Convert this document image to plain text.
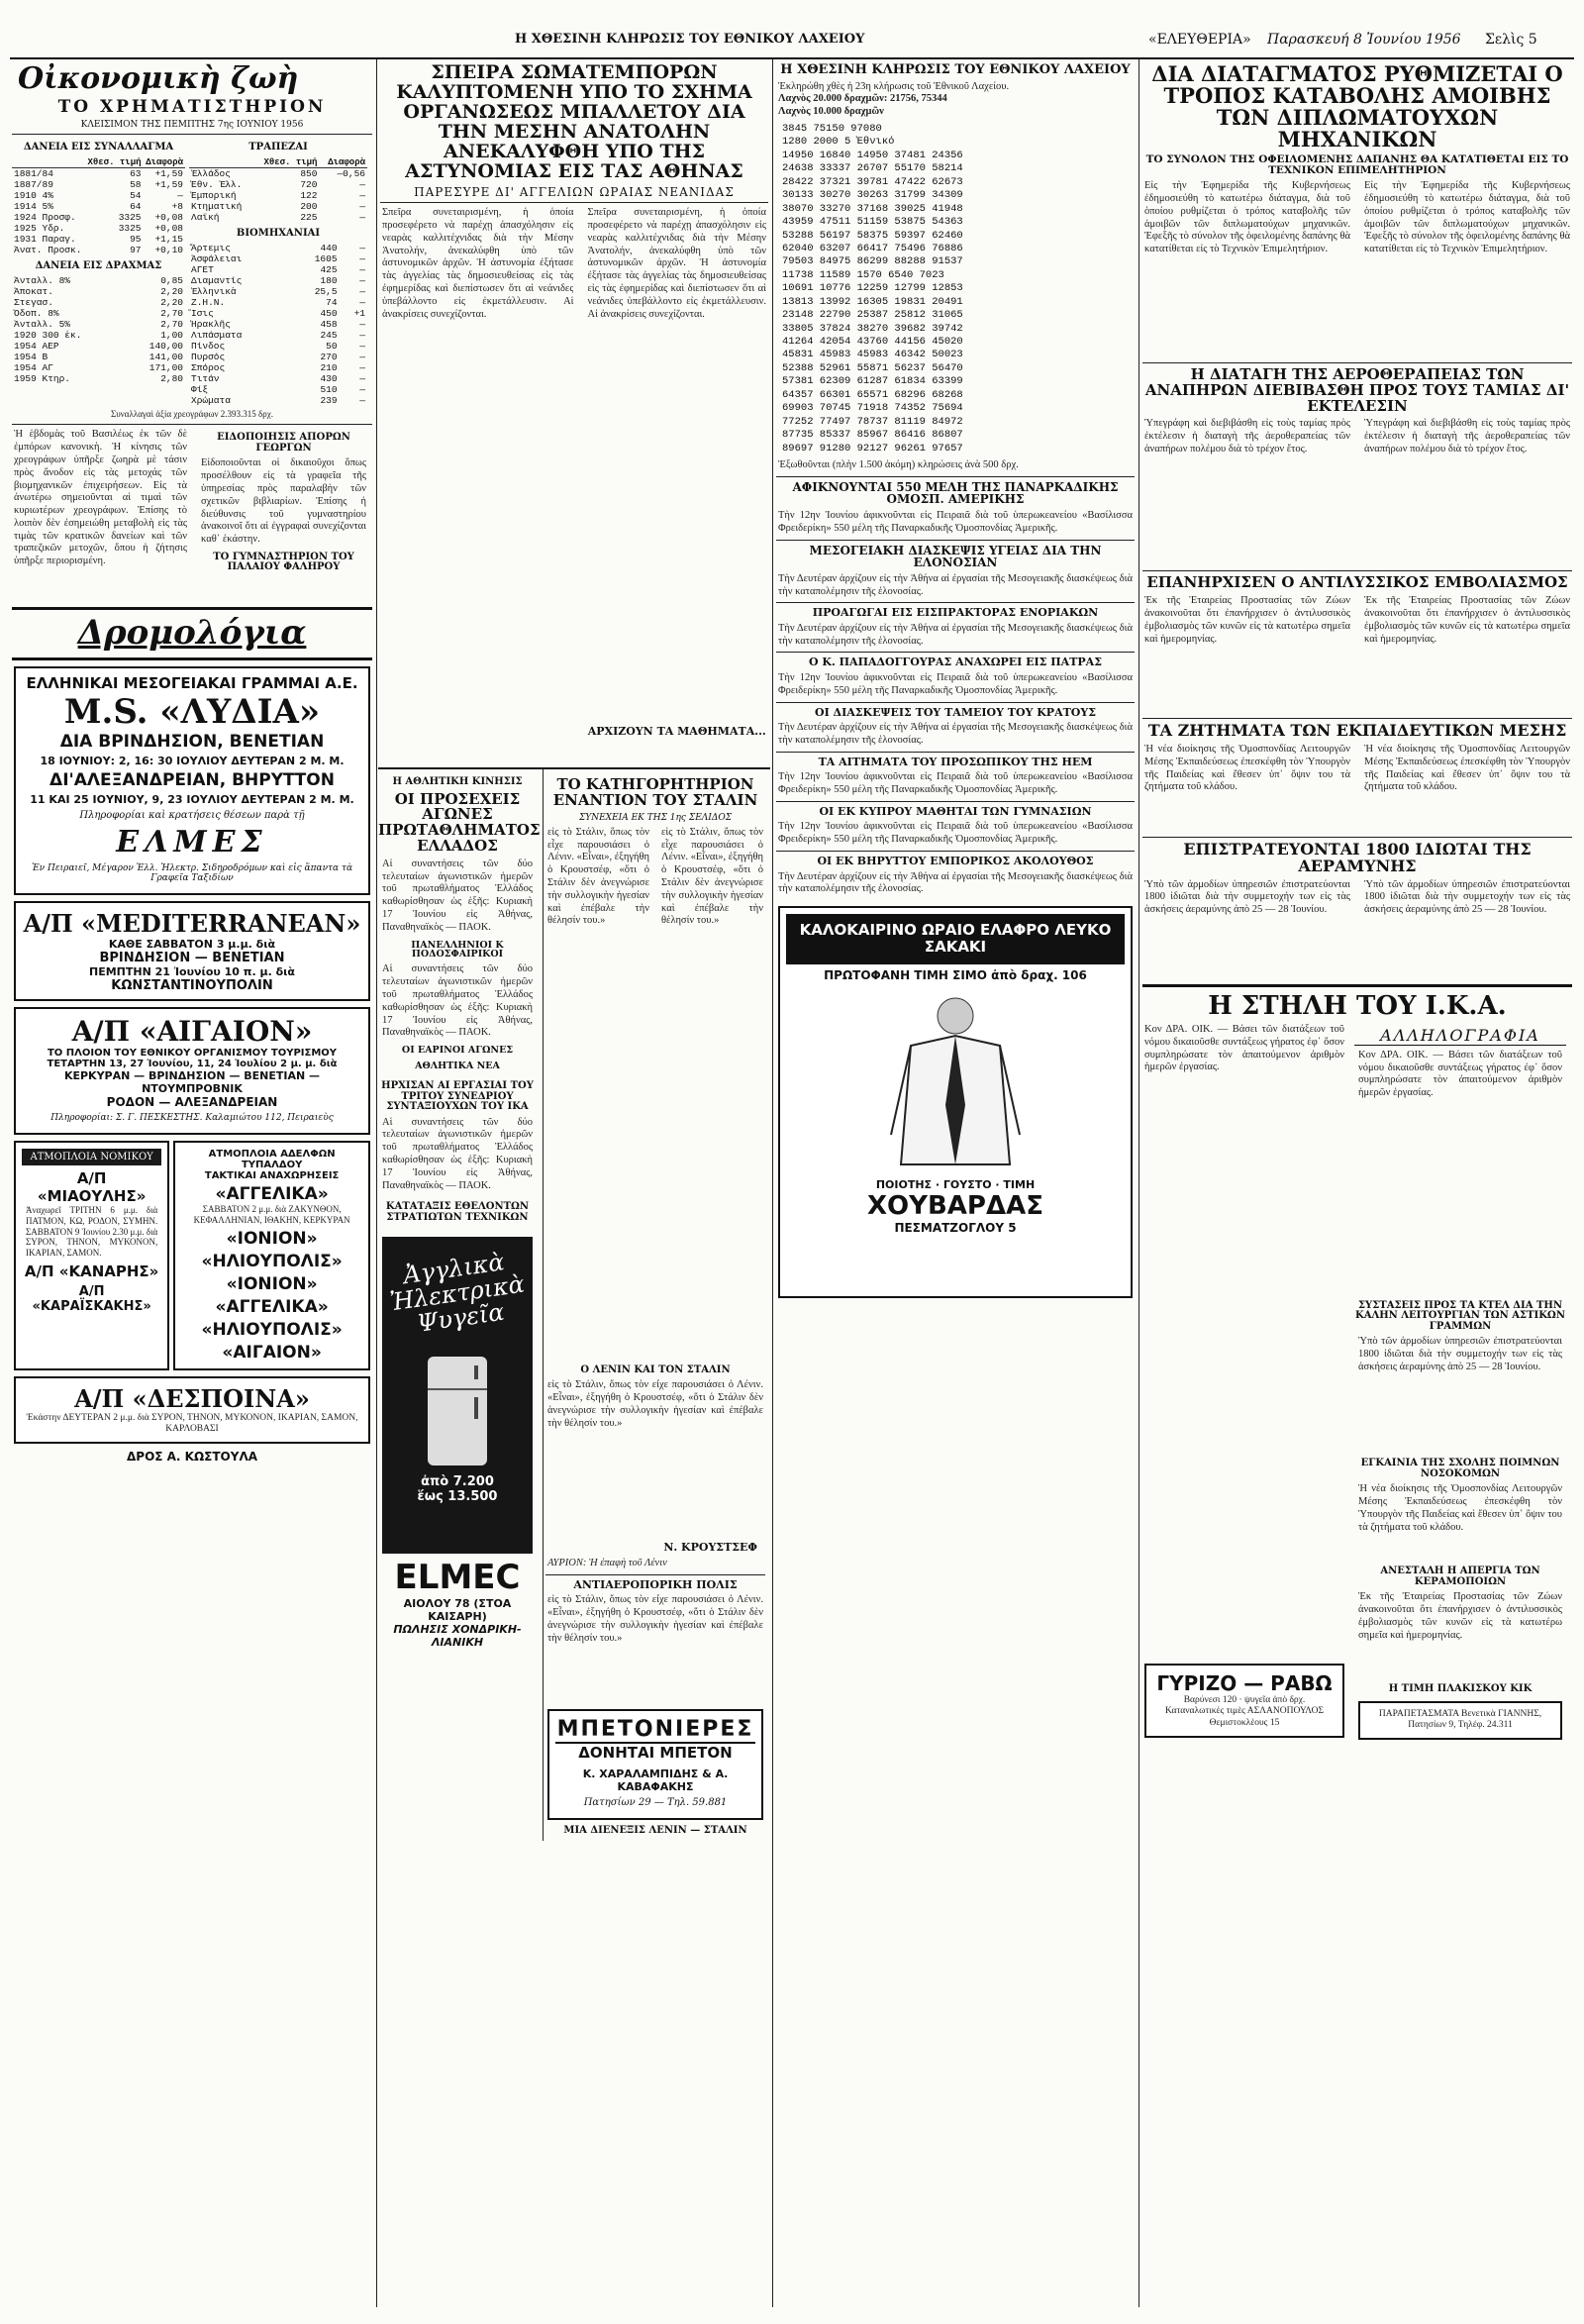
Η ΧΘΕΣΙΝΗ ΚΛΗΡΩΣΙΣ ΤΟΥ ΕΘΝΙΚΟΥ ΛΑΧΕΙΟΥ	«ΕΛΕΥΘΕΡΙΑ» Παρασκευή 8 Ἰουνίου 1956 Σελὶς 5
Οἰκονομικὴ ζωὴ
ΤΟ ΧΡΗΜΑΤΙΣΤΗΡΙΟΝ
ΚΛΕΙΣΙΜΟΝ ΤΗΣ ΠΕΜΠΤΗΣ 7ης ΙΟΥΝΙΟΥ 1956
ΔΑΝΕΙΑ ΕΙΣ ΣΥΝΑΛΛΑΓΜΑ
	Χθεσ. τιμή	Διαφορὰ
1881/84	63	+1,59
1887/89	58	+1,59
1910 4%	54	—
1914 5%	64	+8
1924 Προσφ.	3325	+0,08
1925 Υδρ.	3325	+0,08
1931 Παραγ.	95	+1,15
Ἀνατ. Προσκ.	97	+0,10
ΔΑΝΕΙΑ ΕΙΣ ΔΡΑΧΜΑΣ
Ἀνταλλ. 8%	0,85
Ἀποκατ.	2,20
Στεγασ.	2,20
Ὁδοπ. 8%	2,70
Ἀνταλλ. 5%	2,70
1920 300 ἑκ.	1,00
1954 ΑΕΡ	140,00
1954 Β	141,00
1954 ΑΓ	171,00
1959 Κτηρ.	2,80
ΤΡΑΠΕΖΑΙ
	Χθεσ. τιμή	Διαφορὰ
Ἑλλάδος	850	—0,56
Ἐθν. Ἑλλ.	720	—
Ἐμπορική	122	—
Κτηματική	200	—
Λαϊκή	225	—
ΒΙΟΜΗΧΑΝΙΑΙ
Ἄρτεμις	440	—
Ἀσφάλειαι	1605	—
ΑΓΕΤ	425	—
Διαμαντίς	180	—
Ἑλληνικὰ	25,5	—
Ζ.Η.Ν.	74	—
Ἴσις	450	+1
Ἡρακλῆς	458	—
Λιπάσματα	245	—
Πίνδος	50	—
Πυρσός	270	—
Σπόρος	210	—
Τιτάν	430	—
Φίξ	510	—
Χρώματα	239	—
Συναλλαγαὶ ἀξία χρεογράφων 2.393.315 δρχ.
Ἡ ἑβδομὰς τοῦ Βασιλέως ἐκ τῶν δὲ ἐμπόρων κανονικὴ. Ἡ κίνησις τῶν χρεογράφων ὑπῆρξε ζωηρὰ μὲ τάσιν πρὸς ἄνοδον εἰς τὰς μετοχάς τῶν βιομηχανικῶν ἐπιχειρήσεων. Εἰς τὰ ἀνωτέρω σημειοῦνται αἱ τιμαὶ τῶν κυριωτέρων χρεογράφων. Ἐπίσης τὸ λοιπὸν δὲν ἐσημειώθη μεταβολὴ εἰς τὰς τιμὰς τῶν κρατικῶν δανείων καὶ τῶν τραπεζικῶν μετοχῶν, ὅπου ἡ ζήτησις ὑπῆρξε περιορισμένη.
ΕΙΔΟΠΟΙΗΣΙΣ ΑΠΟΡΩΝ ΓΕΩΡΓΩΝ
Εἰδοποιοῦνται οἱ δικαιοῦχοι ὅπως προσέλθουν εἰς τὰ γραφεῖα τῆς ὑπηρεσίας πρὸς παραλαβὴν τῶν σχετικῶν βιβλιαρίων. Ἐπίσης ἡ διεύθυνσις τοῦ γυμναστηρίου ἀνακοινοῖ ὅτι αἱ ἐγγραφαὶ συνεχίζονται καθ᾽ ἑκάστην.
ΤΟ ΓΥΜΝΑΣΤΗΡΙΟΝ ΤΟΥ ΠΑΛΑΙΟΥ ΦΑΛΗΡΟΥ
Δρομολόγια
ΕΛΛΗΝΙΚΑΙ ΜΕΣΟΓΕΙΑΚΑΙ ΓΡΑΜΜΑΙ Α.Ε.
M.S. «ΛΥΔΙΑ»
ΔΙΑ ΒΡΙΝΔΗΣΙΟΝ, ΒΕΝΕΤΙΑΝ
18 ΙΟΥΝΙΟΥ: 2, 16: 30 ΙΟΥΛΙΟΥ ΔΕΥΤΕΡΑΝ 2 Μ. Μ.
ΔΙ'ΑΛΕΞΑΝΔΡΕΙΑΝ, ΒΗΡΥΤΤΟΝ
11 ΚΑΙ 25 ΙΟΥΝΙΟΥ, 9, 23 ΙΟΥΛΙΟΥ ΔΕΥΤΕΡΑΝ 2 Μ. Μ.
Πληροφορίαι καὶ κρατήσεις θέσεων παρὰ τῇ
ΕΛΜΕΣ
Ἐν Πειραιεῖ, Μέγαρον Ἑλλ. Ἠλεκτρ. Σιδηροδρόμων καὶ εἰς ἅπαντα τὰ Γραφεῖα Ταξιδίων
Α/Π «MEDITERRANEAN»
ΚΑΘΕ ΣΑΒΒΑΤΟΝ 3 μ.μ. διὰ
ΒΡΙΝΔΗΣΙΟΝ — ΒΕΝΕΤΙΑΝ
ΠΕΜΠΤΗΝ 21 Ἰουνίου 10 π. μ. διὰ
ΚΩΝΣΤΑΝΤΙΝΟΥΠΟΛΙΝ
Α/Π «ΑΙΓΑΙΟΝ»
ΤΟ ΠΛΟΙΟΝ ΤΟΥ ΕΘΝΙΚΟΥ ΟΡΓΑΝΙΣΜΟΥ ΤΟΥΡΙΣΜΟΥ
ΤΕΤΑΡΤΗΝ 13, 27 Ἰουνίου, 11, 24 Ἰουλίου 2 μ. μ. διὰ
ΚΕΡΚΥΡΑΝ — ΒΡΙΝΔΗΣΙΟΝ — ΒΕΝΕΤΙΑΝ — ΝΤΟΥΜΠΡΟΒΝΙΚ
ΡΟΔΟΝ — ΑΛΕΞΑΝΔΡΕΙΑΝ
Πληροφορίαι: Σ. Γ. ΠΕΣΚΕΣΤΗΣ. Καλαμιώτου 112, Πειραιεὺς
ΑΤΜΟΠΛΟΙΑ ΝΟΜΙΚΟΥ
Α/Π «ΜΙΑΟΥΛΗΣ»
Ἀναχωρεῖ ΤΡΙΤΗΝ 6 μ.μ. διὰ ΠΑΤΜΟΝ, ΚΩ, ΡΟΔΟΝ, ΣΥΜΗΝ. ΣΑΒΒΑΤΟΝ 9 Ἰουνίου 2.30 μ.μ. διὰ ΣΥΡΟΝ, ΤΗΝΟΝ, ΜΥΚΟΝΟΝ, ΙΚΑΡΙΑΝ, ΣΑΜΟΝ.
Α/Π «ΚΑΝΑΡΗΣ»
Α/Π «ΚΑΡΑΪΣΚΑΚΗΣ»
ΑΤΜΟΠΛΟΙΑ ΑΔΕΛΦΩΝ ΤΥΠΑΛΔΟΥ
ΤΑΚΤΙΚΑΙ ΑΝΑΧΩΡΗΣΕΙΣ
«ΑΓΓΕΛΙΚΑ»
ΣΑΒΒΑΤΟΝ 2 μ.μ. διὰ ΖΑΚΥΝΘΟΝ, ΚΕΦΑΛΛΗΝΙΑΝ, ΙΘΑΚΗΝ, ΚΕΡΚΥΡΑΝ
«ΙΟΝΙΟΝ»
«ΗΛΙΟΥΠΟΛΙΣ»
«ΙΟΝΙΟΝ»
«ΑΓΓΕΛΙΚΑ»
«ΗΛΙΟΥΠΟΛΙΣ»
«ΑΙΓΑΙΟΝ»
Α/Π «ΔΕΣΠΟΙΝΑ»
Ἐκάστην ΔΕΥΤΕΡΑΝ 2 μ.μ. διὰ ΣΥΡΟΝ, ΤΗΝΟΝ, ΜΥΚΟΝΟΝ, ΙΚΑΡΙΑΝ, ΣΑΜΟΝ, ΚΑΡΛΟΒΑΣΙ
ΔΡΟΣ Α. ΚΩΣΤΟΥΛΑ
ΣΠΕΙΡΑ ΣΩΜΑΤΕΜΠΟΡΩΝ ΚΑΛΥΠΤΟΜΕΝΗ ΥΠΟ ΤΟ ΣΧΗΜΑ ΟΡΓΑΝΩΣΕΩΣ ΜΠΑΛΛΕΤΟΥ ΔΙΑ ΤΗΝ ΜΕΣΗΝ ΑΝΑΤΟΛΗΝ ΑΝΕΚΑΛΥΦΘΗ ΥΠΟ ΤΗΣ ΑΣΤΥΝΟΜΙΑΣ ΕΙΣ ΤΑΣ ΑΘΗΝΑΣ
ΠΑΡΕΣΥΡΕ ΔΙ' ΑΓΓΕΛΙΩΝ ΩΡΑΙΑΣ ΝΕΑΝΙΔΑΣ
Σπεῖρα συνεταιρισμένη, ἡ ὁποία προσεφέρετο νὰ παρέχῃ ἀπασχόλησιν εἰς νεαρὰς καλλιτέχνιδας διὰ τὴν Μέσην Ἀνατολήν, ἀνεκαλύφθη ὑπὸ τῶν ἀστυνομικῶν ἀρχῶν. Ἡ ἀστυνομία ἐξήτασε τὰς ἀγγελίας τὰς δημοσιευθείσας εἰς τὰς ἐφημερίδας καὶ διεπίστωσεν ὅτι αἱ νεάνιδες ὑπεβάλλοντο εἰς ἐκμετάλλευσιν. Αἱ ἀνακρίσεις συνεχίζονται.
Σπεῖρα συνεταιρισμένη, ἡ ὁποία προσεφέρετο νὰ παρέχῃ ἀπασχόλησιν εἰς νεαρὰς καλλιτέχνιδας διὰ τὴν Μέσην Ἀνατολήν, ἀνεκαλύφθη ὑπὸ τῶν ἀστυνομικῶν ἀρχῶν. Ἡ ἀστυνομία ἐξήτασε τὰς ἀγγελίας τὰς δημοσιευθείσας εἰς τὰς ἐφημερίδας καὶ διεπίστωσεν ὅτι αἱ νεάνιδες ὑπεβάλλοντο εἰς ἐκμετάλλευσιν. Αἱ ἀνακρίσεις συνεχίζονται.
ΑΡΧΙΖΟΥΝ ΤΑ ΜΑΘΗΜΑΤΑ...
Η ΑΘΛΗΤΙΚΗ ΚΙΝΗΣΙΣ
ΟΙ ΠΡΟΣΕΧΕΙΣ ΑΓΩΝΕΣ ΠΡΩΤΑΘΛΗΜΑΤΟΣ ΕΛΛΑΔΟΣ
Αἱ συναντήσεις τῶν δύο τελευταίων ἀγωνιστικῶν ἡμερῶν τοῦ πρωταθλήματος Ἑλλάδος καθωρίσθησαν ὡς ἑξῆς: Κυριακὴ 17 Ἰουνίου εἰς Ἀθήνας, Παναθηναϊκὸς — ΠΑΟΚ.
ΠΑΝΕΛΛΗΝΙΟΙ Κ ΠΟΔΟΣΦΑΙΡΙΚΟΙ
Αἱ συναντήσεις τῶν δύο τελευταίων ἀγωνιστικῶν ἡμερῶν τοῦ πρωταθλήματος Ἑλλάδος καθωρίσθησαν ὡς ἑξῆς: Κυριακὴ 17 Ἰουνίου εἰς Ἀθήνας, Παναθηναϊκὸς — ΠΑΟΚ.
ΟΙ ΕΑΡΙΝΟΙ ΑΓΩΝΕΣ
ΑΘΛΗΤΙΚΑ ΝΕΑ
ΗΡΧΙΣΑΝ ΑΙ ΕΡΓΑΣΙΑΙ ΤΟΥ ΤΡΙΤΟΥ ΣΥΝΕΔΡΙΟΥ ΣΥΝΤΑΞΙΟΥΧΩΝ ΤΟΥ ΙΚΑ
Αἱ συναντήσεις τῶν δύο τελευταίων ἀγωνιστικῶν ἡμερῶν τοῦ πρωταθλήματος Ἑλλάδος καθωρίσθησαν ὡς ἑξῆς: Κυριακὴ 17 Ἰουνίου εἰς Ἀθήνας, Παναθηναϊκὸς — ΠΑΟΚ.
ΚΑΤΑΤΑΞΙΣ ΕΘΕΛΟΝΤΩΝ ΣΤΡΑΤΙΩΤΩΝ ΤΕΧΝΙΚΩΝ
Ἀγγλικὰ Ἠλεκτρικὰ Ψυγεῖα
ἀπὸ 7.200
ἕως 13.500
ELMEC
ΑΙΟΛΟΥ 78 (ΣΤΟΑ ΚΑΙΣΑΡΗ)
ΠΩΛΗΣΙΣ ΧΟΝΔΡΙΚΗ-ΛΙΑΝΙΚΗ
ΤΟ ΚΑΤΗΓΟΡΗΤΗΡΙΟΝ ΕΝΑΝΤΙΟΝ ΤΟΥ ΣΤΑΛΙΝ
ΣΥΝΕΧΕΙΑ ΕΚ ΤΗΣ 1ης ΣΕΛΙΔΟΣ
εἰς τὸ Στάλιν, ὅπως τὸν εἶχε παρουσιάσει ὁ Λένιν. «Εἶναι», ἐξηγήθη ὁ Κρουστσέφ, «ὅτι ὁ Στάλιν δὲν ἀνεγνώρισε τὴν συλλογικὴν ἡγεσίαν καὶ ἐπέβαλε τὴν θέλησίν του.»
εἰς τὸ Στάλιν, ὅπως τὸν εἶχε παρουσιάσει ὁ Λένιν. «Εἶναι», ἐξηγήθη ὁ Κρουστσέφ, «ὅτι ὁ Στάλιν δὲν ἀνεγνώρισε τὴν συλλογικὴν ἡγεσίαν καὶ ἐπέβαλε τὴν θέλησίν του.»
Ο ΛΕΝΙΝ ΚΑΙ ΤΟΝ ΣΤΑΛΙΝ
εἰς τὸ Στάλιν, ὅπως τὸν εἶχε παρουσιάσει ὁ Λένιν. «Εἶναι», ἐξηγήθη ὁ Κρουστσέφ, «ὅτι ὁ Στάλιν δὲν ἀνεγνώρισε τὴν συλλογικὴν ἡγεσίαν καὶ ἐπέβαλε τὴν θέλησίν του.»
Ν. ΚΡΟΥΣΤΣΕΦ
ΑΥΡΙΟΝ: Ἡ ἐπαφὴ τοῦ Λένιν
ΑΝΤΙΑΕΡΟΠΟΡΙΚΗ ΠΟΛΙΣ
εἰς τὸ Στάλιν, ὅπως τὸν εἶχε παρουσιάσει ὁ Λένιν. «Εἶναι», ἐξηγήθη ὁ Κρουστσέφ, «ὅτι ὁ Στάλιν δὲν ἀνεγνώρισε τὴν συλλογικὴν ἡγεσίαν καὶ ἐπέβαλε τὴν θέλησίν του.»
ΜΠΕΤΟΝΙΕΡΕΣ
ΔΟΝΗΤΑΙ ΜΠΕΤΟΝ
Κ. ΧΑΡΑΛΑΜΠΙΔΗΣ & Α. ΚΑΒΑΦΑΚΗΣ
Πατησίων 29 — Τηλ. 59.881
ΜΙΑ ΔΙΕΝΕΞΙΣ ΛΕΝΙΝ — ΣΤΑΛΙΝ
Η ΧΘΕΣΙΝΗ ΚΛΗΡΩΣΙΣ ΤΟΥ ΕΘΝΙΚΟΥ ΛΑΧΕΙΟΥ
Ἐκληρώθη χθὲς ἡ 23η κλήρωσις τοῦ Ἐθνικοῦ Λαχείου.
Λαχνὸς 20.000 δραχμῶν: 21756, 75344
Λαχνὸς 10.000 δραχμῶν
3845 75150 97080
1280 2000 5 Ἐθνικό
14950 16840 14950 37481 24356
24638 33337 26707 55170 58214
28422 37321 39781 47422 62673
30133 30270 30263 31799 34309
38070 33270 37168 39025 41948
43959 47511 51159 53875 54363
53288 56197 58375 59397 62460
62040 63207 66417 75496 76886
79503 84975 86299 88288 91537
11738 11589 1570 6540 7023
10691 10776 12259 12799 12853
13813 13992 16305 19831 20491
23148 22790 25387 25812 31065
33805 37824 38270 39682 39742
41264 42054 43760 44156 45020
45831 45983 45983 46342 50023
52388 52961 55871 56237 56470
57381 62309 61287 61834 63399
64357 66301 65571 68296 68268
69903 70745 71918 74352 75694
77252 77497 78737 81119 84972
87735 85337 85967 86416 86807
89697 91280 92127 96261 97657
Ἐξωθοῦνται (πλὴν 1.500 ἀκόμη) κληρώσεις ἀνὰ 500 δρχ.
ΑΦΙΚΝΟΥΝΤΑΙ 550 ΜΕΛΗ ΤΗΣ ΠΑΝΑΡΚΑΔΙΚΗΣ ΟΜΟΣΠ. ΑΜΕΡΙΚΗΣ
Τὴν 12ην Ἰουνίου ἀφικνοῦνται εἰς Πειραιᾶ διὰ τοῦ ὑπερωκεανείου «Βασίλισσα Φρειδερίκη» 550 μέλη τῆς Παναρκαδικῆς Ὁμοσπονδίας Ἀμερικῆς.
ΜΕΣΟΓΕΙΑΚΗ ΔΙΑΣΚΕΨΙΣ ΥΓΕΙΑΣ ΔΙΑ ΤΗΝ ΕΛΟΝΟΣΙΑΝ
Τὴν Δευτέραν ἀρχίζουν εἰς τὴν Ἀθήνα αἱ ἐργασίαι τῆς Μεσογειακῆς διασκέψεως διὰ τὴν καταπολέμησιν τῆς ἑλονοσίας.
ΠΡΟΑΓΩΓΑΙ ΕΙΣ ΕΙΣΠΡΑΚΤΟΡΑΣ ΕΝΟΡΙΑΚΩΝ
Τὴν Δευτέραν ἀρχίζουν εἰς τὴν Ἀθήνα αἱ ἐργασίαι τῆς Μεσογειακῆς διασκέψεως διὰ τὴν καταπολέμησιν τῆς ἑλονοσίας.
Ο Κ. ΠΑΠΑΔΟΓΓΟΥΡΑΣ ΑΝΑΧΩΡΕΙ ΕΙΣ ΠΑΤΡΑΣ
Τὴν 12ην Ἰουνίου ἀφικνοῦνται εἰς Πειραιᾶ διὰ τοῦ ὑπερωκεανείου «Βασίλισσα Φρειδερίκη» 550 μέλη τῆς Παναρκαδικῆς Ὁμοσπονδίας Ἀμερικῆς.
ΟΙ ΔΙΑΣΚΕΨΕΙΣ ΤΟΥ ΤΑΜΕΙΟΥ ΤΟΥ ΚΡΑΤΟΥΣ
Τὴν Δευτέραν ἀρχίζουν εἰς τὴν Ἀθήνα αἱ ἐργασίαι τῆς Μεσογειακῆς διασκέψεως διὰ τὴν καταπολέμησιν τῆς ἑλονοσίας.
ΤΑ ΑΙΤΗΜΑΤΑ ΤΟΥ ΠΡΟΣΩΠΙΚΟΥ ΤΗΣ ΗΕΜ
Τὴν 12ην Ἰουνίου ἀφικνοῦνται εἰς Πειραιᾶ διὰ τοῦ ὑπερωκεανείου «Βασίλισσα Φρειδερίκη» 550 μέλη τῆς Παναρκαδικῆς Ὁμοσπονδίας Ἀμερικῆς.
ΟΙ ΕΚ ΚΥΠΡΟΥ ΜΑΘΗΤΑΙ ΤΩΝ ΓΥΜΝΑΣΙΩΝ
Τὴν 12ην Ἰουνίου ἀφικνοῦνται εἰς Πειραιᾶ διὰ τοῦ ὑπερωκεανείου «Βασίλισσα Φρειδερίκη» 550 μέλη τῆς Παναρκαδικῆς Ὁμοσπονδίας Ἀμερικῆς.
ΟΙ ΕΚ ΒΗΡΥΤΤΟΥ ΕΜΠΟΡΙΚΟΣ ΑΚΟΛΟΥΘΟΣ
Τὴν Δευτέραν ἀρχίζουν εἰς τὴν Ἀθήνα αἱ ἐργασίαι τῆς Μεσογειακῆς διασκέψεως διὰ τὴν καταπολέμησιν τῆς ἑλονοσίας.
ΚΑΛΟΚΑΙΡΙΝΟ ΩΡΑΙΟ ΕΛΑΦΡΟ ΛΕΥΚΟ ΣΑΚΑΚΙ
ΠΡΩΤΟΦΑΝΗ ΤΙΜΗ ΣΙΜΟ ἀπὸ δραχ. 106
ΠΟΙΟΤΗΣ · ΓΟΥΣΤΟ · ΤΙΜΗ
ΧΟΥΒΑΡΔΑΣ
ΠΕΣΜΑΤΖΟΓΛΟΥ 5
ΔΙΑ ΔΙΑΤΑΓΜΑΤΟΣ ΡΥΘΜΙΖΕΤΑΙ Ο ΤΡΟΠΟΣ ΚΑΤΑΒΟΛΗΣ ΑΜΟΙΒΗΣ ΤΩΝ ΔΙΠΛΩΜΑΤΟΥΧΩΝ ΜΗΧΑΝΙΚΩΝ
ΤΟ ΣΥΝΟΛΟΝ ΤΗΣ ΟΦΕΙΛΟΜΕΝΗΣ ΔΑΠΑΝΗΣ ΘΑ ΚΑΤΑΤΙΘΕΤΑΙ ΕΙΣ ΤΟ ΤΕΧΝΙΚΟΝ ΕΠΙΜΕΛΗΤΗΡΙΟΝ
Εἰς τὴν Ἐφημερίδα τῆς Κυβερνήσεως ἐδημοσιεύθη τὸ κατωτέρω διάταγμα, διὰ τοῦ ὁποίου ρυθμίζεται ὁ τρόπος καταβολῆς τῶν ἀμοιβῶν τῶν διπλωματούχων μηχανικῶν. Ἐφεξῆς τὸ σύνολον τῆς ὀφειλομένης δαπάνης θὰ κατατίθεται εἰς τὸ Τεχνικὸν Ἐπιμελητήριον.
Εἰς τὴν Ἐφημερίδα τῆς Κυβερνήσεως ἐδημοσιεύθη τὸ κατωτέρω διάταγμα, διὰ τοῦ ὁποίου ρυθμίζεται ὁ τρόπος καταβολῆς τῶν ἀμοιβῶν τῶν διπλωματούχων μηχανικῶν. Ἐφεξῆς τὸ σύνολον τῆς ὀφειλομένης δαπάνης θὰ κατατίθεται εἰς τὸ Τεχνικὸν Ἐπιμελητήριον.
Η ΔΙΑΤΑΓΗ ΤΗΣ ΑΕΡΟΘΕΡΑΠΕΙΑΣ ΤΩΝ ΑΝΑΠΗΡΩΝ ΔΙΕΒΙΒΑΣΘΗ ΠΡΟΣ ΤΟΥΣ ΤΑΜΙΑΣ ΔΙ' ΕΚΤΕΛΕΣΙΝ
Ὑπεγράφη καὶ διεβιβάσθη εἰς τοὺς ταμίας πρὸς ἐκτέλεσιν ἡ διαταγὴ τῆς ἀεροθεραπείας τῶν ἀναπήρων πολέμου διὰ τὸ τρέχον ἔτος.
Ὑπεγράφη καὶ διεβιβάσθη εἰς τοὺς ταμίας πρὸς ἐκτέλεσιν ἡ διαταγὴ τῆς ἀεροθεραπείας τῶν ἀναπήρων πολέμου διὰ τὸ τρέχον ἔτος.
ΕΠΑΝΗΡΧΙΣΕΝ Ο ΑΝΤΙΛΥΣΣΙΚΟΣ ΕΜΒΟΛΙΑΣΜΟΣ
Ἐκ τῆς Ἑταιρείας Προστασίας τῶν Ζώων ἀνακοινοῦται ὅτι ἐπανήρχισεν ὁ ἀντιλυσσικὸς ἐμβολιασμὸς τῶν κυνῶν εἰς τὰ κατωτέρω σημεῖα καὶ ἡμερομηνίας.
Ἐκ τῆς Ἑταιρείας Προστασίας τῶν Ζώων ἀνακοινοῦται ὅτι ἐπανήρχισεν ὁ ἀντιλυσσικὸς ἐμβολιασμὸς τῶν κυνῶν εἰς τὰ κατωτέρω σημεῖα καὶ ἡμερομηνίας.
ΤΑ ΖΗΤΗΜΑΤΑ ΤΩΝ ΕΚΠΑΙΔΕΥΤΙΚΩΝ ΜΕΣΗΣ
Ἡ νέα διοίκησις τῆς Ὁμοσπονδίας Λειτουργῶν Μέσης Ἐκπαιδεύσεως ἐπεσκέφθη τὸν Ὑπουργὸν τῆς Παιδείας καὶ ἔθεσεν ὑπ᾽ ὄψιν του τὰ ζητήματα τοῦ κλάδου.
Ἡ νέα διοίκησις τῆς Ὁμοσπονδίας Λειτουργῶν Μέσης Ἐκπαιδεύσεως ἐπεσκέφθη τὸν Ὑπουργὸν τῆς Παιδείας καὶ ἔθεσεν ὑπ᾽ ὄψιν του τὰ ζητήματα τοῦ κλάδου.
ΕΠΙΣΤΡΑΤΕΥΟΝΤΑΙ 1800 ΙΔΙΩΤΑΙ ΤΗΣ ΑΕΡΑΜΥΝΗΣ
Ὑπὸ τῶν ἀρμοδίων ὑπηρεσιῶν ἐπιστρατεύονται 1800 ἰδιῶται διὰ τὴν συμμετοχήν των εἰς τὰς ἀσκήσεις ἀεραμύνης ἀπὸ 25 — 28 Ἰουνίου.
Ὑπὸ τῶν ἀρμοδίων ὑπηρεσιῶν ἐπιστρατεύονται 1800 ἰδιῶται διὰ τὴν συμμετοχήν των εἰς τὰς ἀσκήσεις ἀεραμύνης ἀπὸ 25 — 28 Ἰουνίου.
Η ΣΤΗΛΗ ΤΟΥ Ι.Κ.Α.
Κον ΔΡΑ. ΟΙΚ. — Βάσει τῶν διατάξεων τοῦ νόμου δικαιοῦσθε συντάξεως γήρατος ἐφ᾽ ὅσον συμπληρώσατε τὸν ἀπαιτούμενον ἀριθμὸν ἡμερῶν ἐργασίας.
ΓΥΡΙΖΟ — ΡΑΒΩ
Βαρύνεσι 120 · ψυγεῖα ἀπὸ δρχ. Καταναλωτικὲς τιμὲς ΑΣΛΑΝΟΠΟΥΛΟΣ Θεμιστοκλέους 15
ΑΛΛΗΛΟΓΡΑΦΙΑ
Κον ΔΡΑ. ΟΙΚ. — Βάσει τῶν διατάξεων τοῦ νόμου δικαιοῦσθε συντάξεως γήρατος ἐφ᾽ ὅσον συμπληρώσατε τὸν ἀπαιτούμενον ἀριθμὸν ἡμερῶν ἐργασίας.
ΣΥΣΤΑΣΕΙΣ ΠΡΟΣ ΤΑ ΚΤΕΛ ΔΙΑ ΤΗΝ ΚΑΛΗΝ ΛΕΙΤΟΥΡΓΙΑΝ ΤΩΝ ΑΣΤΙΚΩΝ ΓΡΑΜΜΩΝ
Ὑπὸ τῶν ἀρμοδίων ὑπηρεσιῶν ἐπιστρατεύονται 1800 ἰδιῶται διὰ τὴν συμμετοχήν των εἰς τὰς ἀσκήσεις ἀεραμύνης ἀπὸ 25 — 28 Ἰουνίου.
ΕΓΚΑΙΝΙΑ ΤΗΣ ΣΧΟΛΗΣ ΠΟΙΜΝΩΝ ΝΟΣΟΚΟΜΩΝ
Ἡ νέα διοίκησις τῆς Ὁμοσπονδίας Λειτουργῶν Μέσης Ἐκπαιδεύσεως ἐπεσκέφθη τὸν Ὑπουργὸν τῆς Παιδείας καὶ ἔθεσεν ὑπ᾽ ὄψιν του τὰ ζητήματα τοῦ κλάδου.
ΑΝΕΣΤΑΛΗ Η ΑΠΕΡΓΙΑ ΤΩΝ ΚΕΡΑΜΟΠΟΙΩΝ
Ἐκ τῆς Ἑταιρείας Προστασίας τῶν Ζώων ἀνακοινοῦται ὅτι ἐπανήρχισεν ὁ ἀντιλυσσικὸς ἐμβολιασμὸς τῶν κυνῶν εἰς τὰ κατωτέρω σημεῖα καὶ ἡμερομηνίας.
Η ΤΙΜΗ ΠΛΑΚΙΣΚΟΥ ΚΙΚ
ΠΑΡΑΠΕΤΑΣΜΑΤΑ Βενετικὰ ΓΙΑΝΝΗΣ, Πατησίων 9, Τηλέφ. 24.311
